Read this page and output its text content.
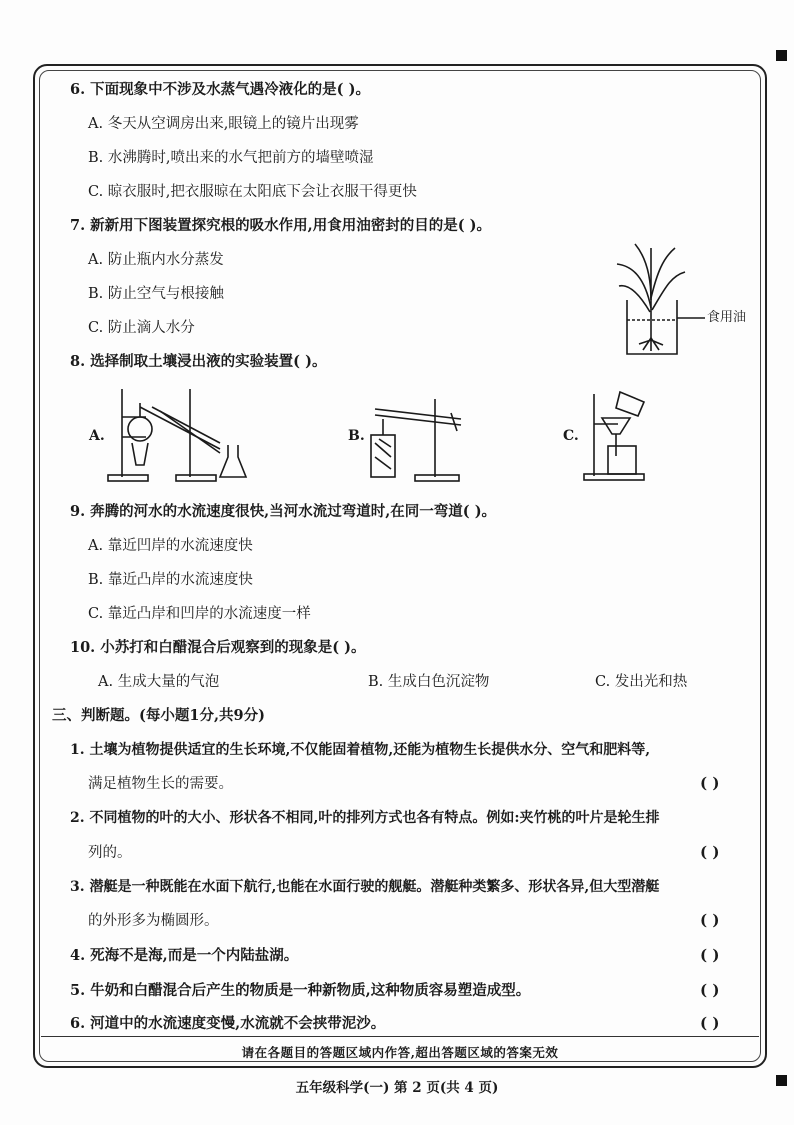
6. 下面现象中不涉及水蒸气遇冷液化的是( )。
A. 冬天从空调房出来,眼镜上的镜片出现雾
B. 水沸腾时,喷出来的水气把前方的墙壁喷湿
C. 晾衣服时,把衣服晾在太阳底下会让衣服干得更快
7. 新新用下图装置探究根的吸水作用,用食用油密封的目的是( )。
A. 防止瓶内水分蒸发
B. 防止空气与根接触
C. 防止滴人水分
食用油
8. 选择制取土壤浸出液的实验装置( )。
A.	B.	C.
9. 奔腾的河水的水流速度很快,当河水流过弯道时,在同一弯道( )。
A. 靠近凹岸的水流速度快
B. 靠近凸岸的水流速度快
C. 靠近凸岸和凹岸的水流速度一样
10. 小苏打和白醋混合后观察到的现象是( )。
A. 生成大量的气泡	B. 生成白色沉淀物	C. 发出光和热
三、判断题。(每小题1分,共9分)
1. 土壤为植物提供适宜的生长环境,不仅能固着植物,还能为植物生长提供水分、空气和肥料等,
满足植物生长的需要。	( )
2. 不同植物的叶的大小、形状各不相同,叶的排列方式也各有特点。例如:夹竹桃的叶片是轮生排
列的。	( )
3. 潜艇是一种既能在水面下航行,也能在水面行驶的舰艇。潜艇种类繁多、形状各异,但大型潜艇
的外形多为椭圆形。	( )
4. 死海不是海,而是一个内陆盐湖。	( )
5. 牛奶和白醋混合后产生的物质是一种新物质,这种物质容易塑造成型。	( )
6. 河道中的水流速度变慢,水流就不会挟带泥沙。	( )
请在各题目的答题区域内作答,超出答题区域的答案无效
五年级科学(一) 第 2 页(共 4 页)
